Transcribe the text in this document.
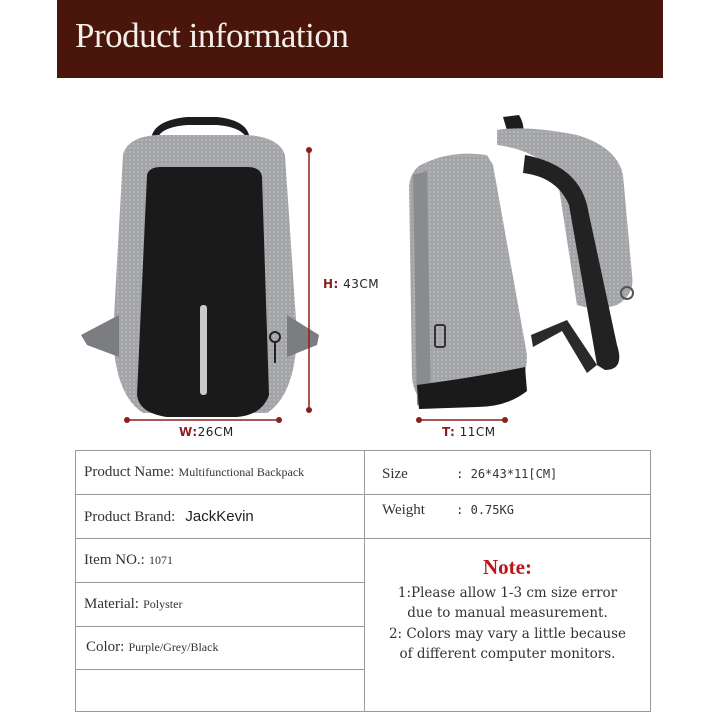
Product information
H: 43CM
W:26CM	T: 11CM
Product Name: Multifunctional Backpack
Product Brand: JackKevin
Item NO.: 1071
Material: Polyster
Color: Purple/Grey/Black
Size	: 26*43*11[CM]
Weight	: 0.75KG
Note:
1:Please allow 1-3 cm size error
due to manual measurement.
2: Colors may vary a little because
of different computer monitors.
